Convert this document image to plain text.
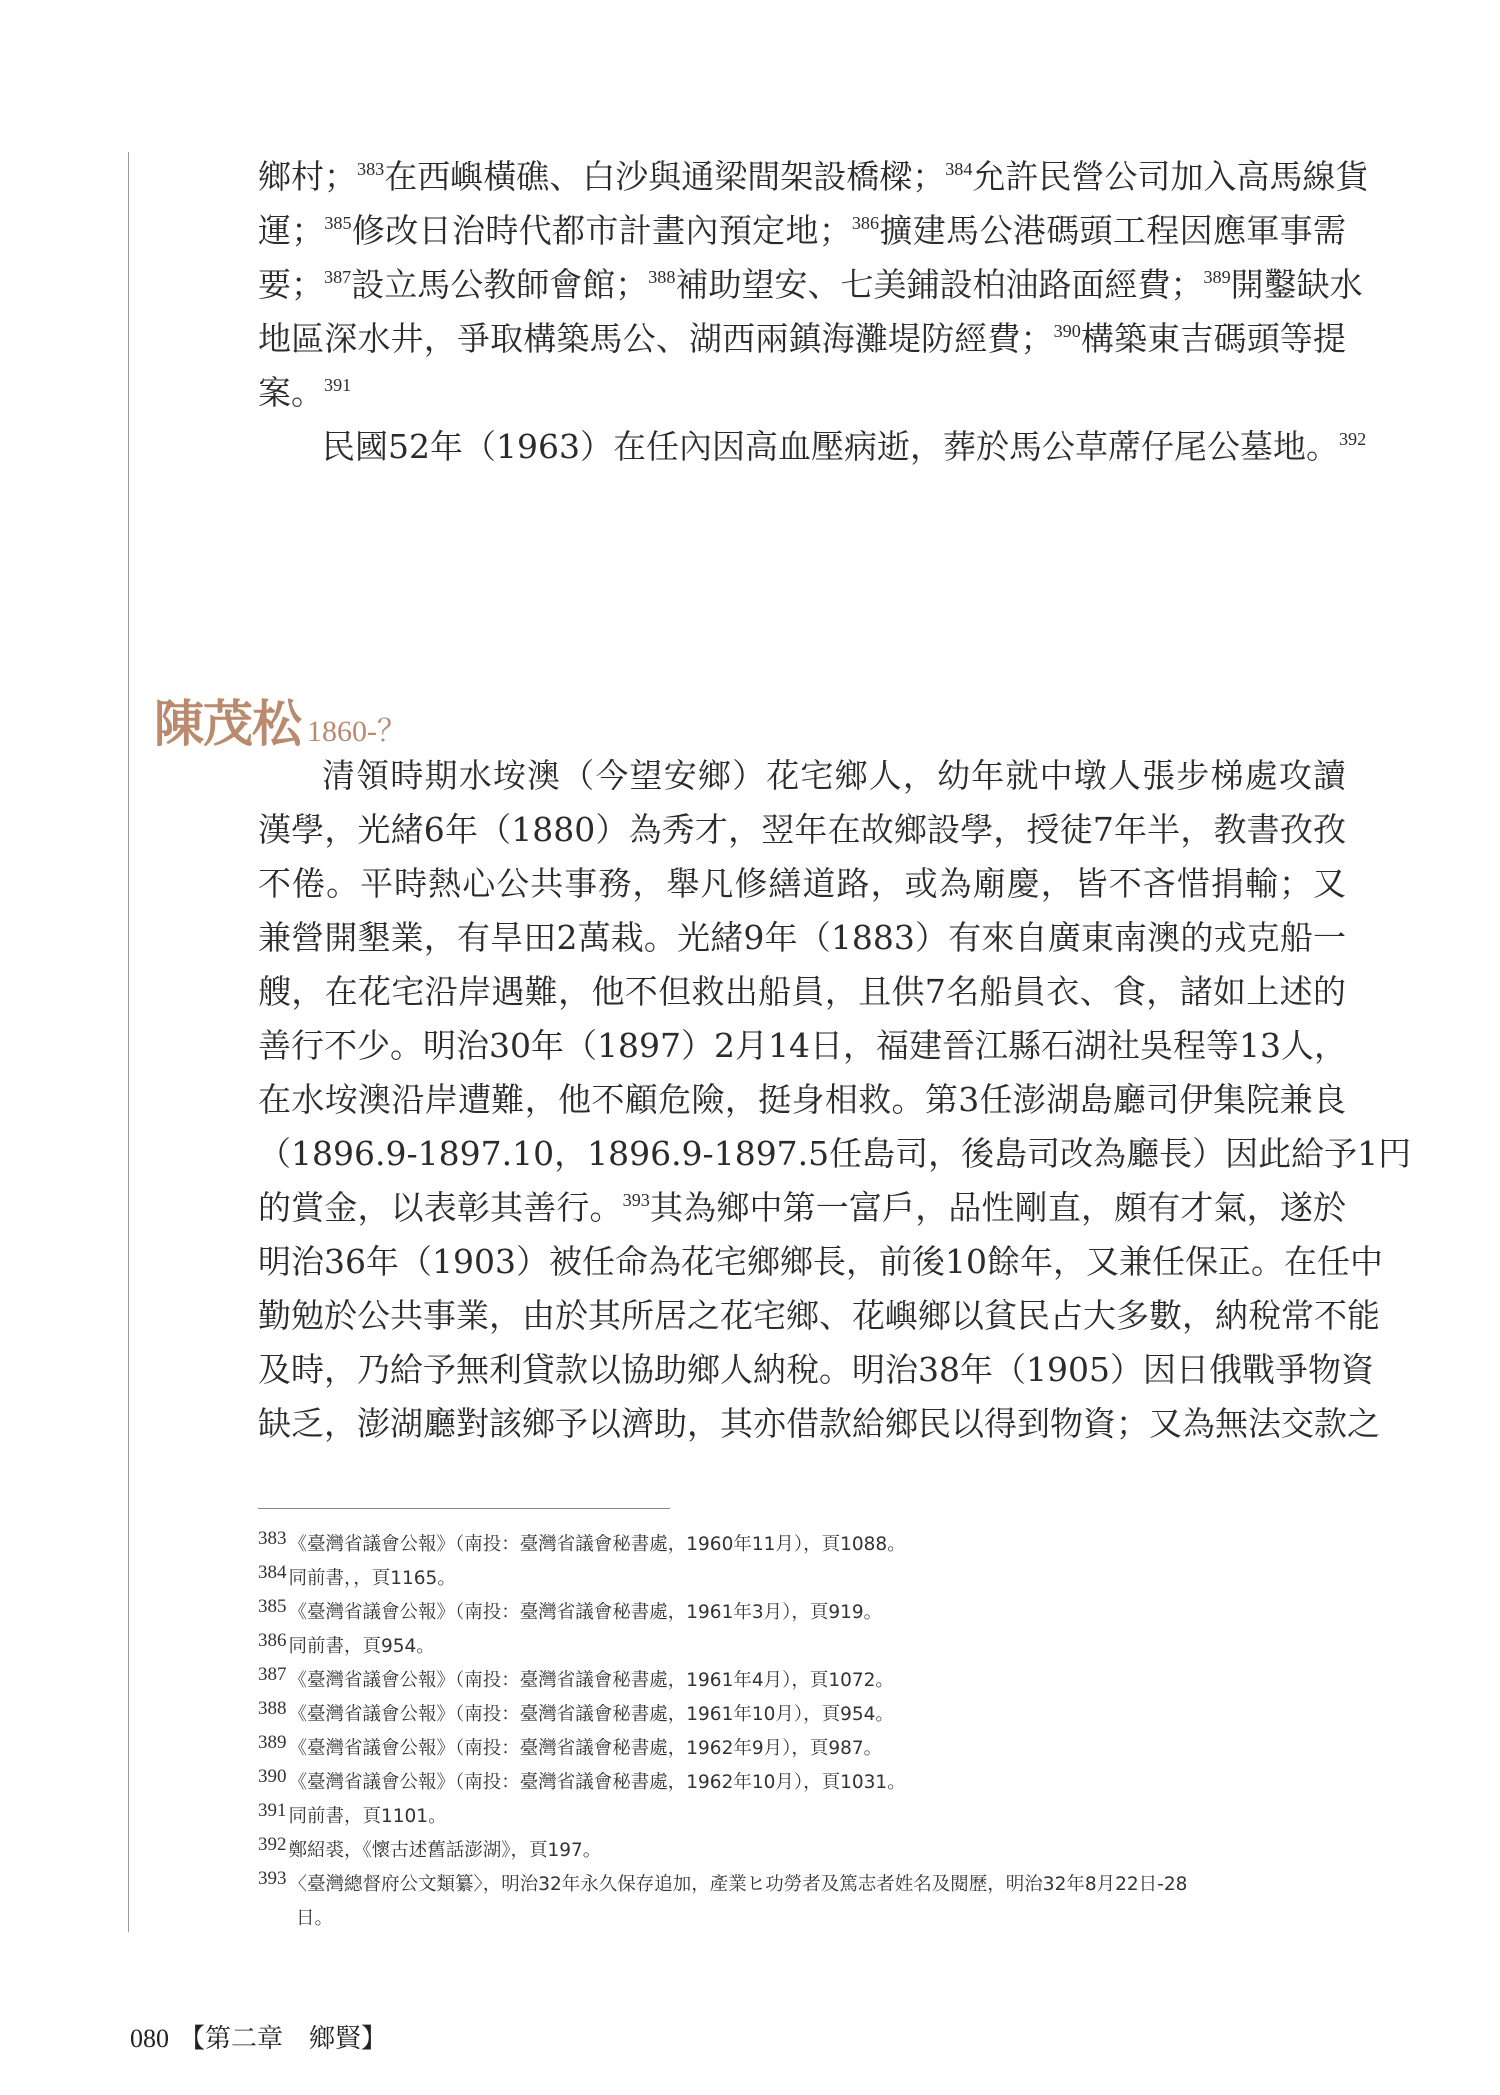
鄉村；$^{383}$在西嶼橫礁、白沙與通梁間架設橋樑；$^{384}$允許民營公司加入高馬線貨
運；$^{385}$修改日治時代都市計畫內預定地；$^{386}$擴建馬公港碼頭工程因應軍事需
要；$^{387}$設立馬公教師會館；$^{388}$補助望安、七美鋪設柏油路面經費；$^{389}$開鑿缺水
地區深水井，爭取構築馬公、湖西兩鎮海灘堤防經費；$^{390}$構築東吉碼頭等提
案。$^{391}$
民國52年（1963）在任內因高血壓病逝，葬於馬公草蓆仔尾公墓地。$^{392}$
陳茂松 1860-？
清領時期水垵澳（今望安鄉）花宅鄉人，幼年就中墩人張步梯處攻讀
漢學，光緒6年（1880）為秀才，翌年在故鄉設學，授徒7年半，教書孜孜
不倦。平時熱心公共事務，舉凡修繕道路，或為廟慶，皆不吝惜捐輸；又
兼營開墾業，有旱田2萬栽。光緒9年（1883）有來自廣東南澳的戎克船一
艘，在花宅沿岸遇難，他不但救出船員，且供7名船員衣、食，諸如上述的
善行不少。明治30年（1897）2月14日，福建晉江縣石湖社吳程等13人，
在水垵澳沿岸遭難，他不顧危險，挺身相救。第3任澎湖島廳司伊集院兼良
（1896.9-1897.10，1896.9-1897.5任島司，後島司改為廳長）因此給予1円
的賞金，以表彰其善行。$^{393}$其為鄉中第一富戶，品性剛直，頗有才氣，遂於
明治36年（1903）被任命為花宅鄉鄉長，前後10餘年，又兼任保正。在任中
勤勉於公共事業，由於其所居之花宅鄉、花嶼鄉以貧民占大多數，納稅常不能
及時，乃給予無利貸款以協助鄉人納稅。明治38年（1905）因日俄戰爭物資
缺乏，澎湖廳對該鄉予以濟助，其亦借款給鄉民以得到物資；又為無法交款之
383 《臺灣省議會公報》（南投：臺灣省議會秘書處，1960年11月），頁1088。
384 同前書，，頁1165。
385 《臺灣省議會公報》（南投：臺灣省議會秘書處，1961年3月），頁919。
386 同前書，頁954。
387 《臺灣省議會公報》（南投：臺灣省議會秘書處，1961年4月），頁1072。
388 《臺灣省議會公報》（南投：臺灣省議會秘書處，1961年10月），頁954。
389 《臺灣省議會公報》（南投：臺灣省議會秘書處，1962年9月），頁987。
390 《臺灣省議會公報》（南投：臺灣省議會秘書處，1962年10月），頁1031。
391 同前書，頁1101。
392 鄭紹裘，《懷古述舊話澎湖》，頁197。
393 〈臺灣總督府公文類纂〉，明治32年永久保存追加，產業ヒ功勞者及篤志者姓名及閱歷，明治32年8月22日-28
日。
080 【第二章　鄉賢】
